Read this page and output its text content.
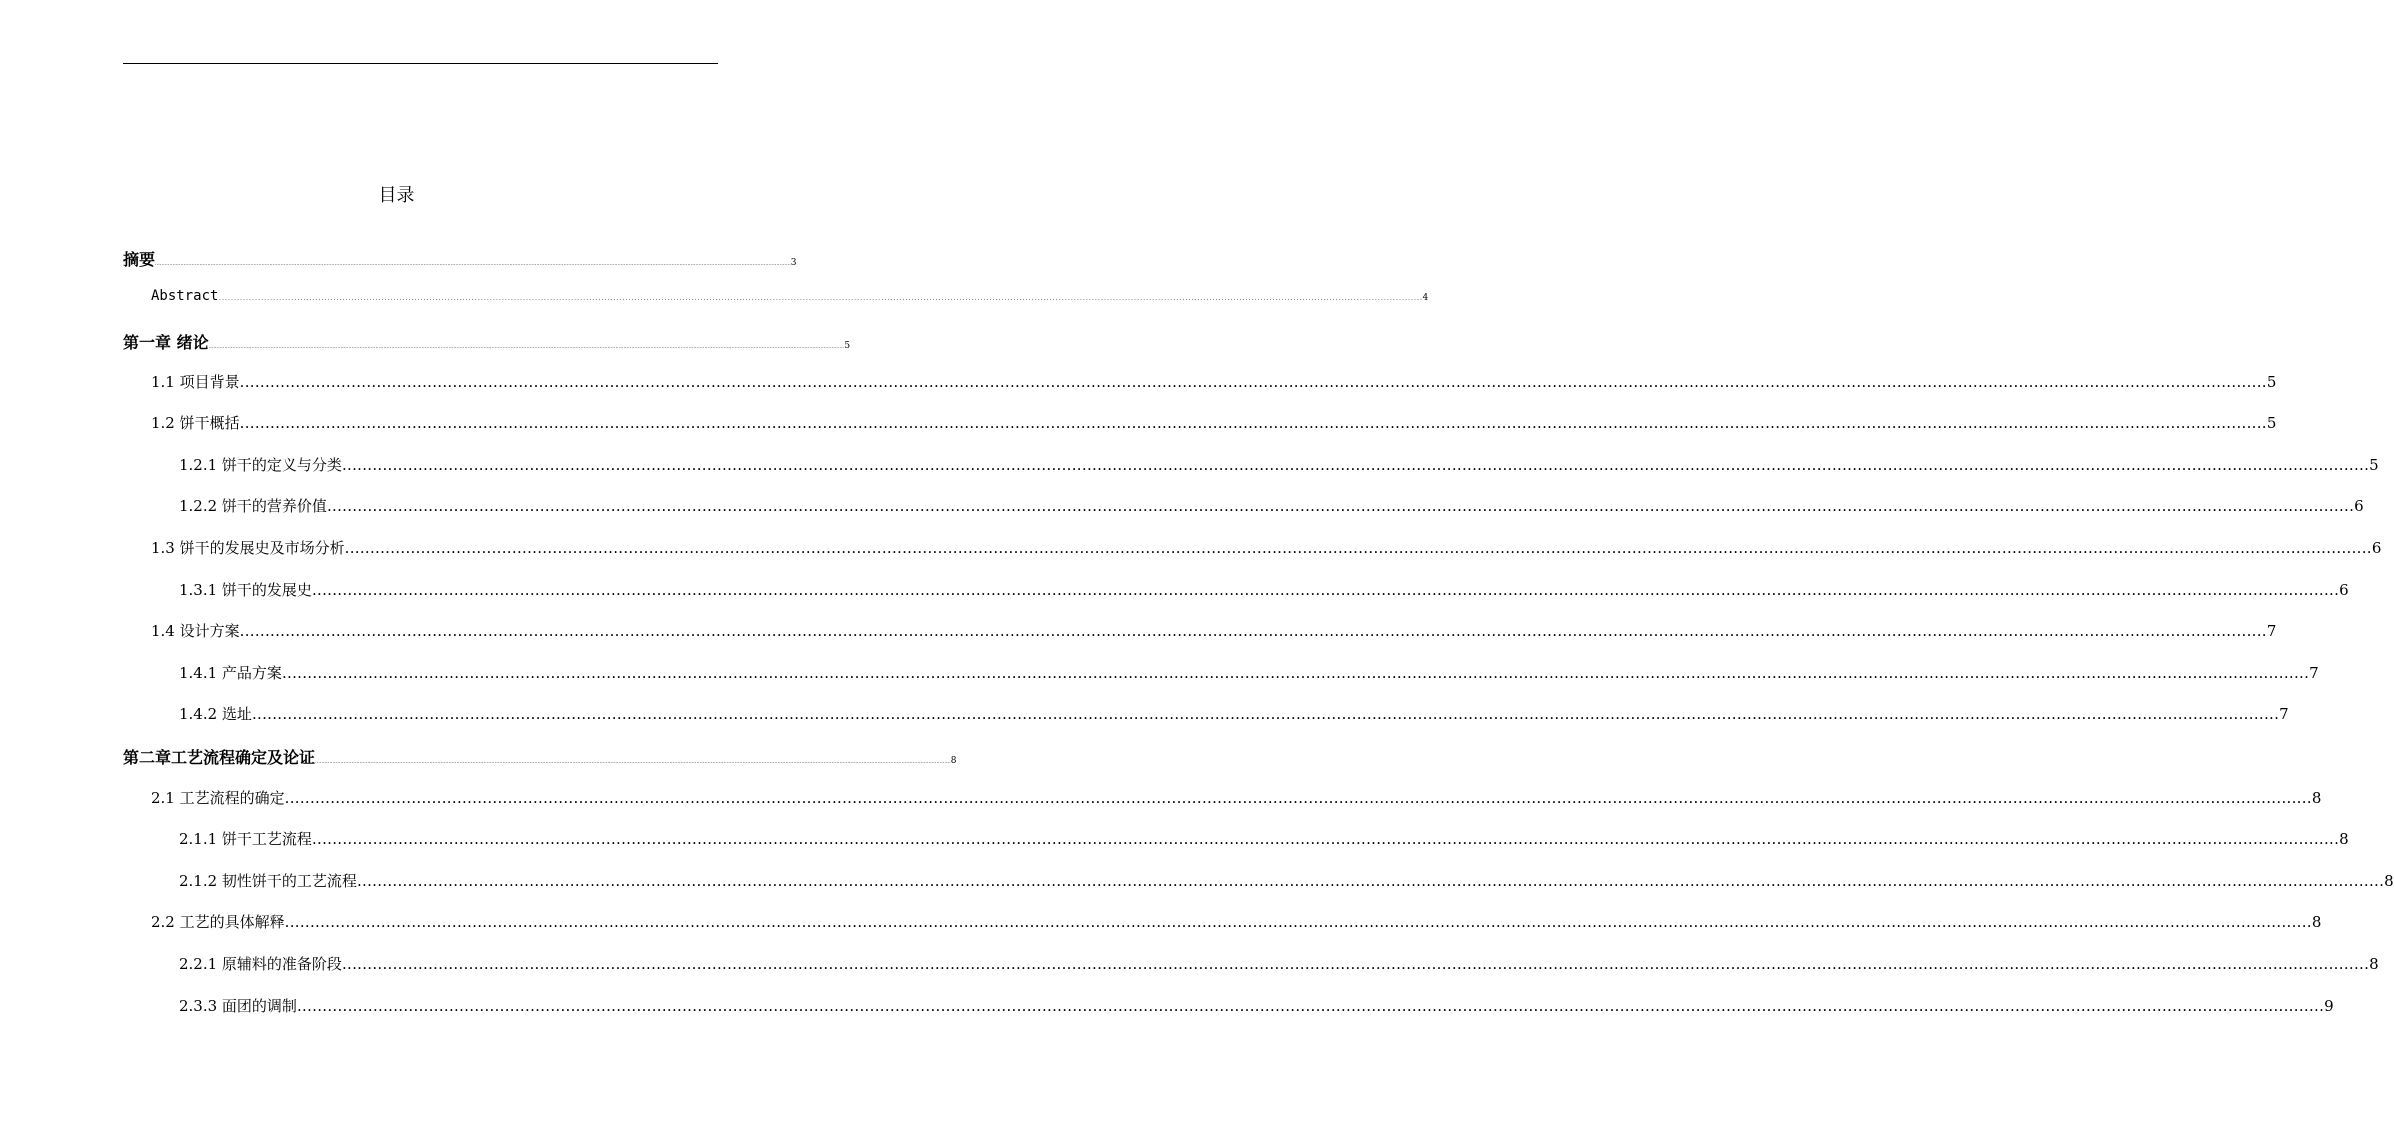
目录
摘要 ................................................................................................................................................................................................................................................................................................................................................................................................................ 3
Abstract ................................................................................................................................................................................................................................................................................................................................................................................................................ 4
第一章 绪论 ................................................................................................................................................................................................................................................................................................................................................................................................................ 5
1.1 项目背景 ................................................................................................................................................................................................................................................................................................................................................................................................................ 5
1.2 饼干概括 ................................................................................................................................................................................................................................................................................................................................................................................................................ 5
1.2.1 饼干的定义与分类 ................................................................................................................................................................................................................................................................................................................................................................................................................ 5
1.2.2 饼干的营养价值 ................................................................................................................................................................................................................................................................................................................................................................................................................ 6
1.3 饼干的发展史及市场分析 ................................................................................................................................................................................................................................................................................................................................................................................................................ 6
1.3.1 饼干的发展史 ................................................................................................................................................................................................................................................................................................................................................................................................................ 6
1.4 设计方案 ................................................................................................................................................................................................................................................................................................................................................................................................................ 7
1.4.1 产品方案 ................................................................................................................................................................................................................................................................................................................................................................................................................ 7
1.4.2 选址 ................................................................................................................................................................................................................................................................................................................................................................................................................ 7
第二章工艺流程确定及论证 ................................................................................................................................................................................................................................................................................................................................................................................................................ 8
2.1 工艺流程的确定 ................................................................................................................................................................................................................................................................................................................................................................................................................ 8
2.1.1 饼干工艺流程 ................................................................................................................................................................................................................................................................................................................................................................................................................ 8
2.1.2 韧性饼干的工艺流程 ................................................................................................................................................................................................................................................................................................................................................................................................................ 8
2.2 工艺的具体解释 ................................................................................................................................................................................................................................................................................................................................................................................................................ 8
2.2.1 原辅料的准备阶段 ................................................................................................................................................................................................................................................................................................................................................................................................................ 8
2.3.3 面团的调制 ................................................................................................................................................................................................................................................................................................................................................................................................................ 9
